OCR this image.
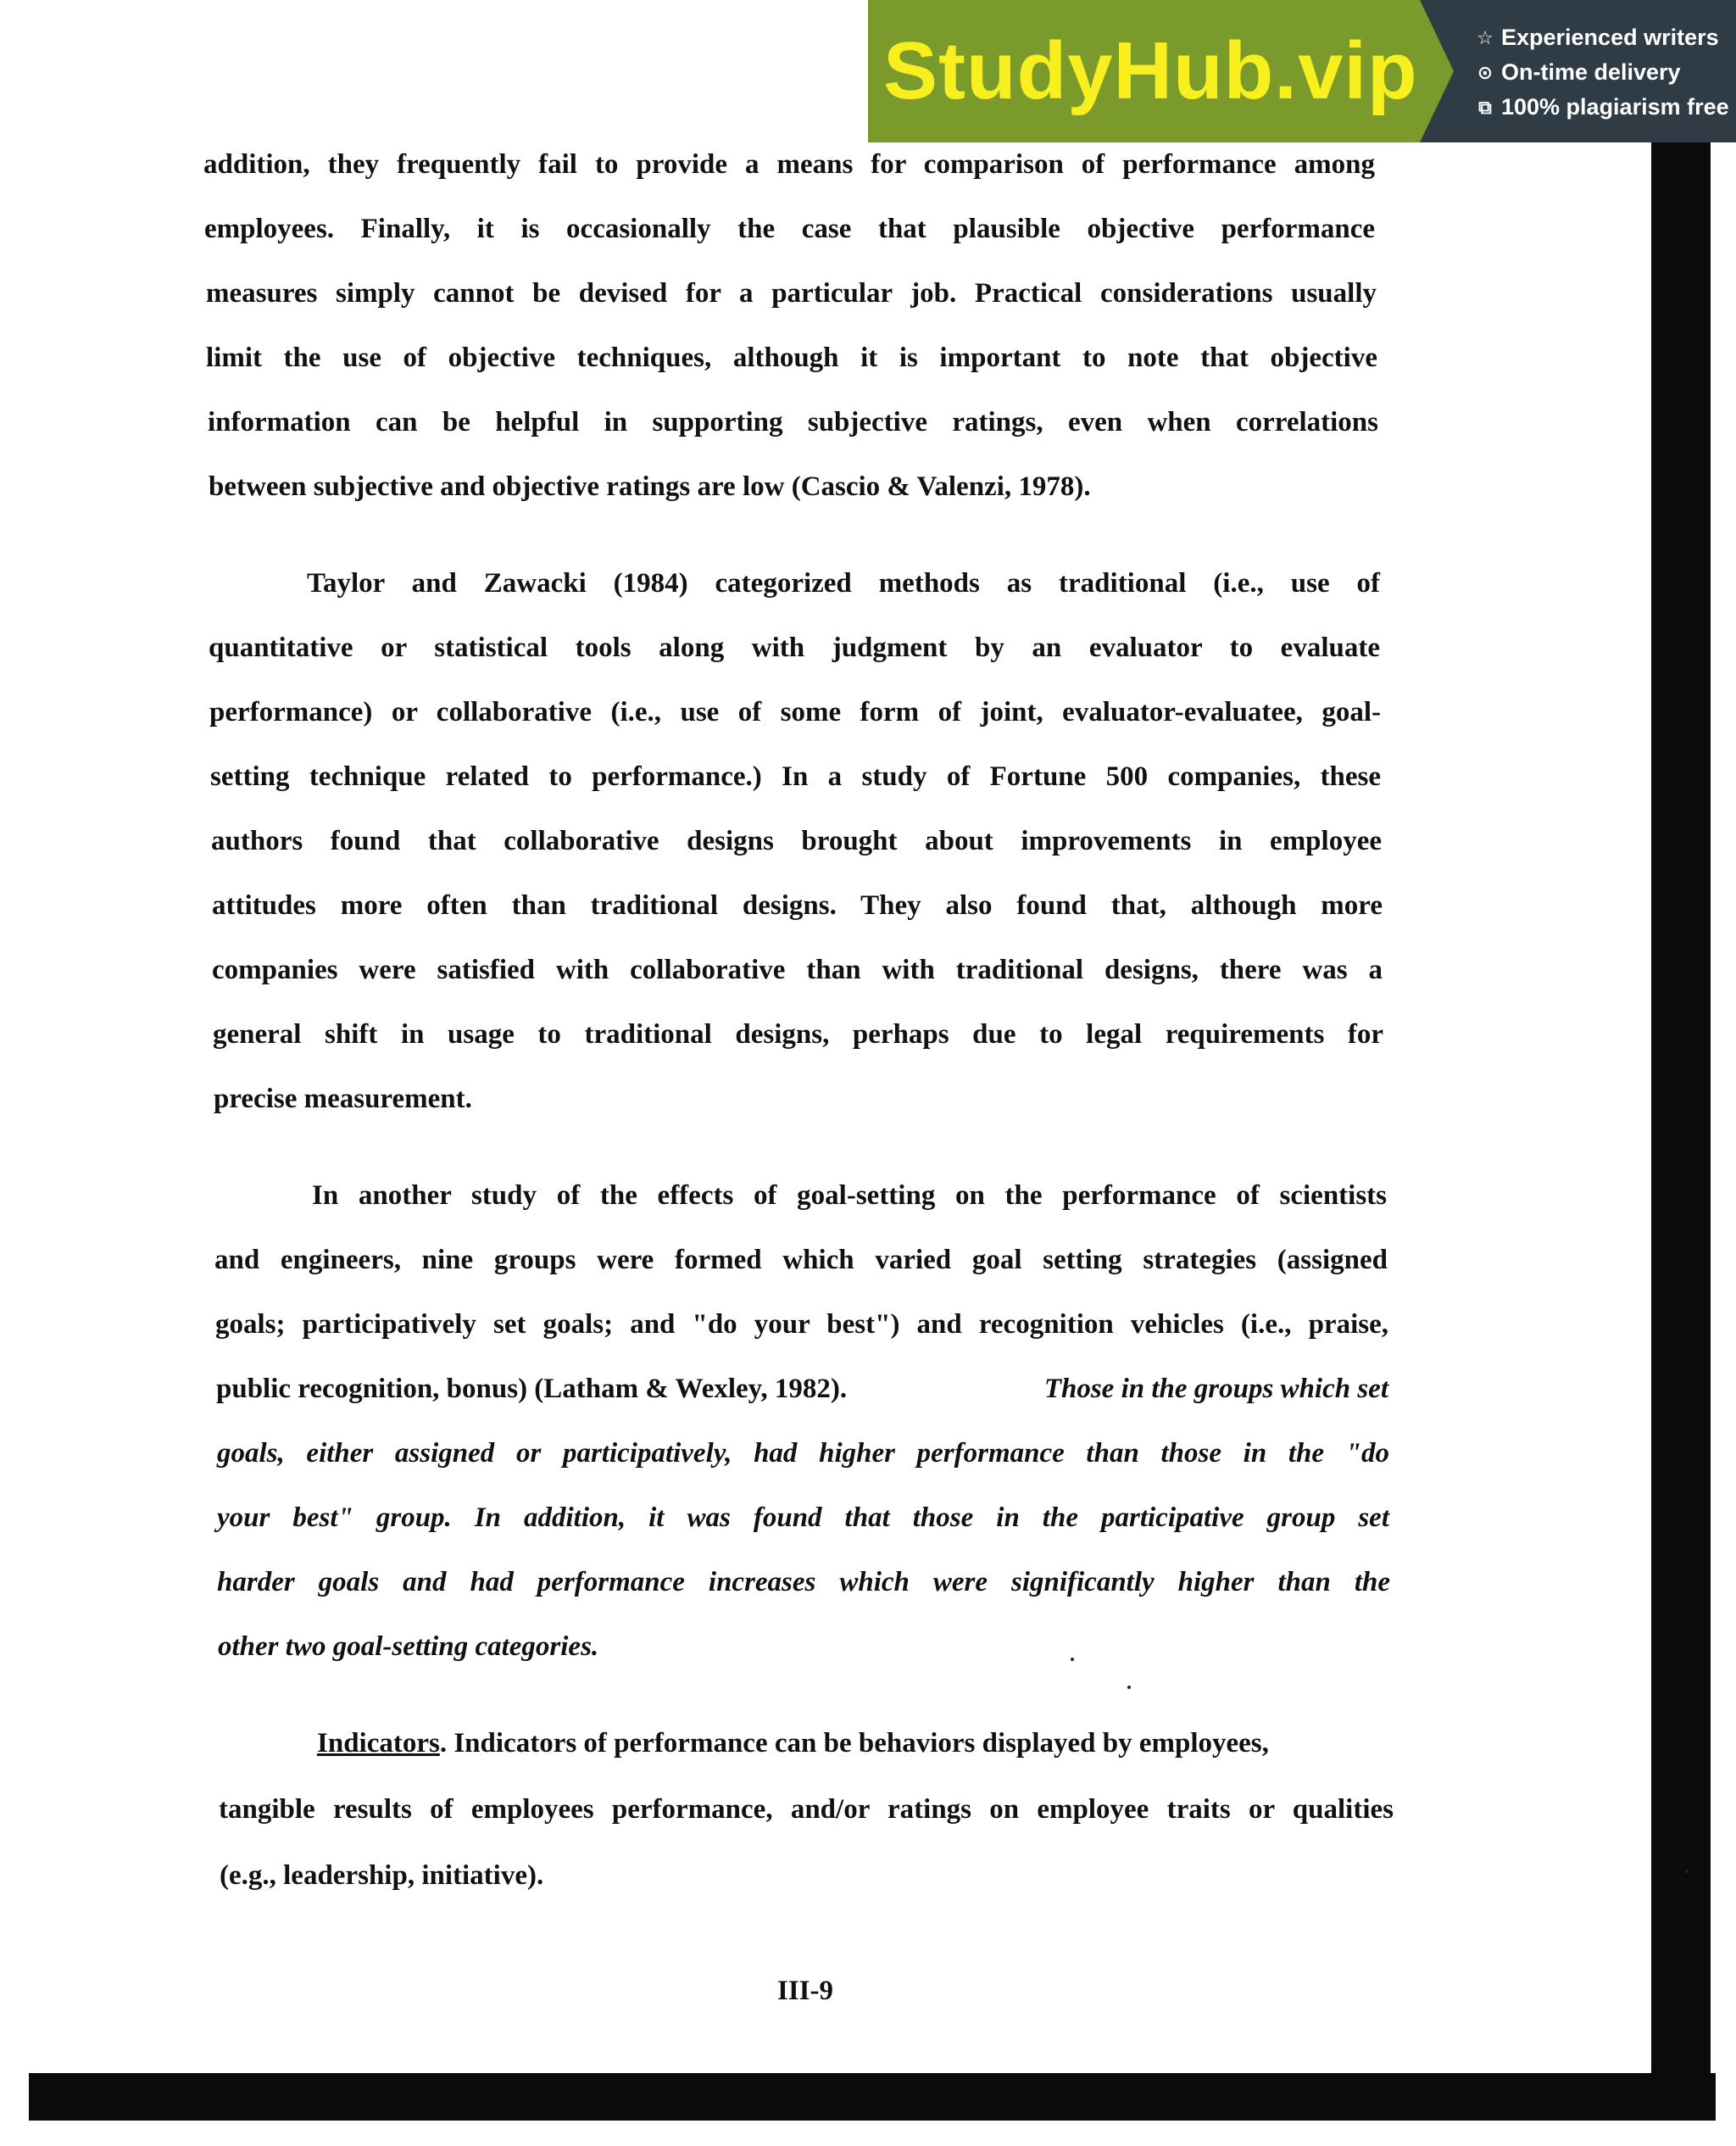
StudyHub.vip	☆ Experienced writers
⊙ On-time delivery
⧉ 100% plagiarism free
addition, they frequently fail to provide a means for comparison of performance among
employees. Finally, it is occasionally the case that plausible objective performance
measures simply cannot be devised for a particular job. Practical considerations usually
limit the use of objective techniques, although it is important to note that objective
information can be helpful in supporting subjective ratings, even when correlations
between subjective and objective ratings are low (Cascio & Valenzi, 1978).
Taylor and Zawacki (1984) categorized methods as traditional (i.e., use of
quantitative or statistical tools along with judgment by an evaluator to evaluate
performance) or collaborative (i.e., use of some form of joint, evaluator-evaluatee, goal-
setting technique related to performance.) In a study of Fortune 500 companies, these
authors found that collaborative designs brought about improvements in employee
attitudes more often than traditional designs. They also found that, although more
companies were satisfied with collaborative than with traditional designs, there was a
general shift in usage to traditional designs, perhaps due to legal requirements for
precise measurement.
In another study of the effects of goal-setting on the performance of scientists
and engineers, nine groups were formed which varied goal setting strategies (assigned
goals; participatively set goals; and "do your best") and recognition vehicles (i.e., praise,
public recognition, bonus) (Latham & Wexley, 1982).	Those in the groups which set
goals, either assigned or participatively, had higher performance than those in the "do
your best" group. In addition, it was found that those in the participative group set
harder goals and had performance increases which were significantly higher than the
other two goal-setting categories.
Indicators . Indicators of performance can be behaviors displayed by employees,
tangible results of employees performance, and/or ratings on employee traits or qualities
(e.g., leadership, initiative).
III-9
